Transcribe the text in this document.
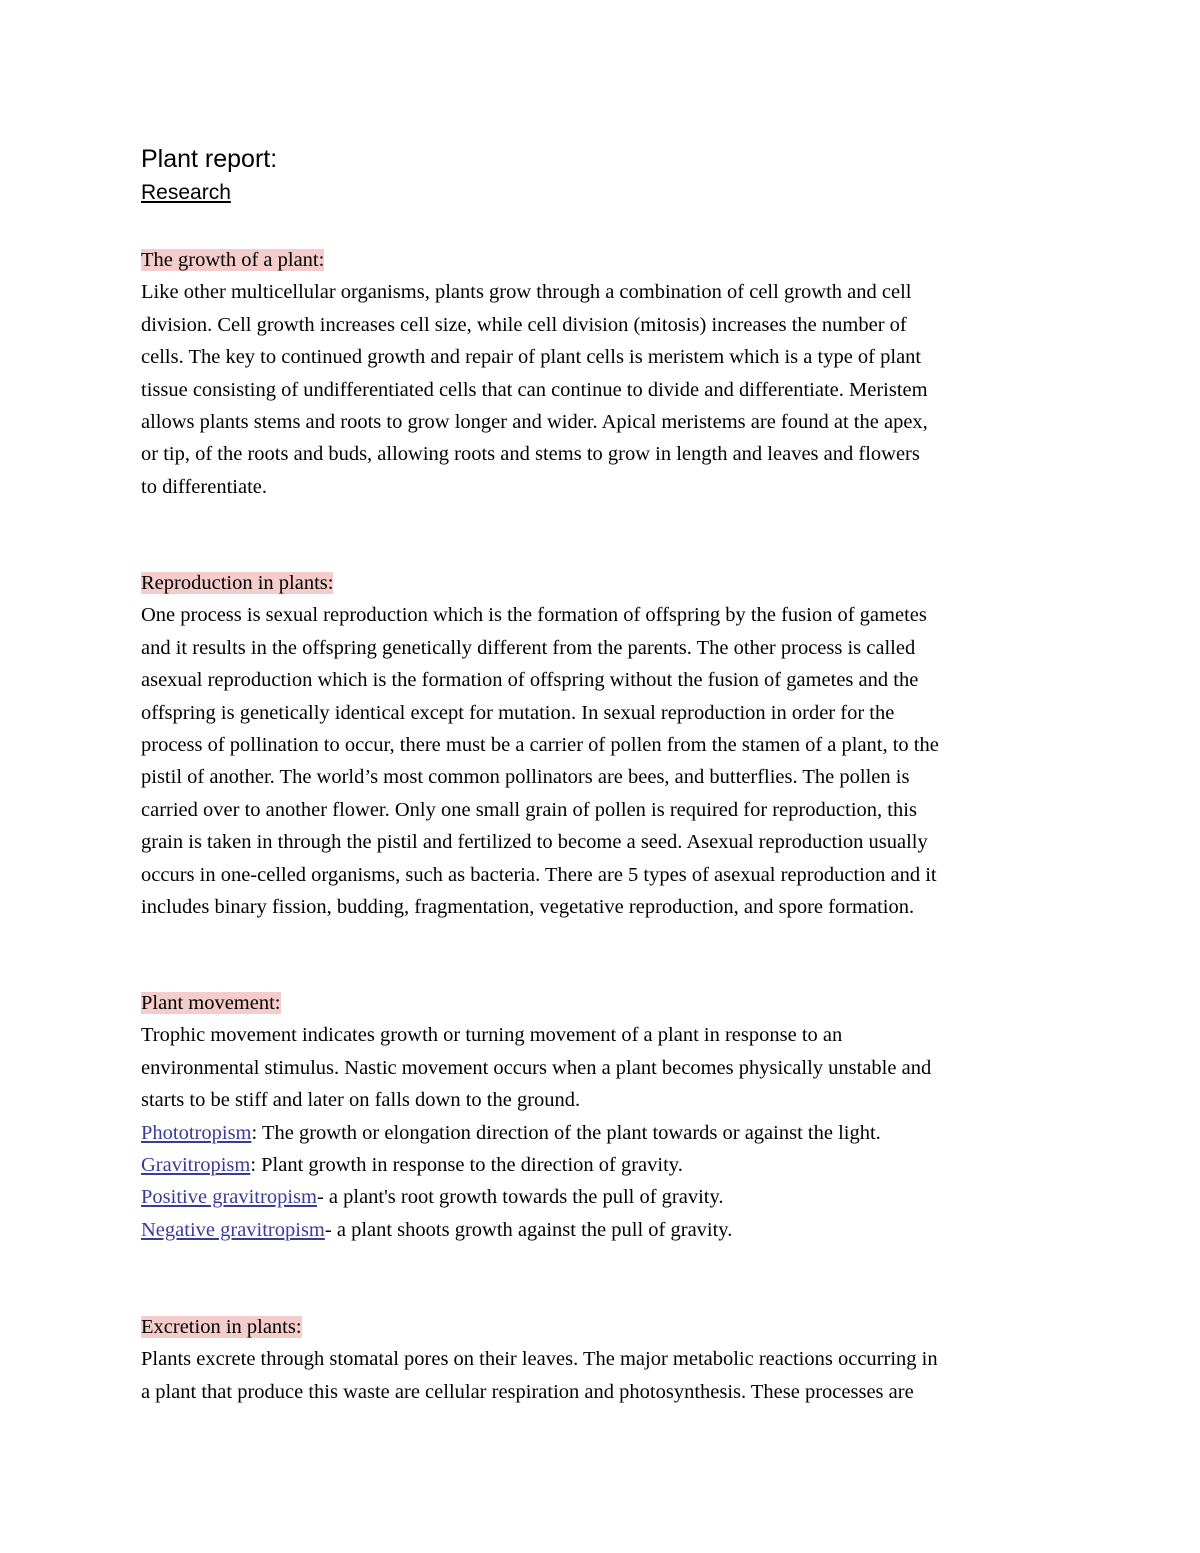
Plant report:
Research
The growth of a plant:
Like other multicellular organisms, plants grow through a combination of cell growth and cell
division. Cell growth increases cell size, while cell division (mitosis) increases the number of
cells. The key to continued growth and repair of plant cells is meristem which is a type of plant
tissue consisting of undifferentiated cells that can continue to divide and differentiate. Meristem
allows plants stems and roots to grow longer and wider. Apical meristems are found at the apex,
or tip, of the roots and buds, allowing roots and stems to grow in length and leaves and flowers
to differentiate.
Reproduction in plants:
One process is sexual reproduction which is the formation of offspring by the fusion of gametes
and it results in the offspring genetically different from the parents. The other process is called
asexual reproduction which is the formation of offspring without the fusion of gametes and the
offspring is genetically identical except for mutation. In sexual reproduction in order for the
process of pollination to occur, there must be a carrier of pollen from the stamen of a plant, to the
pistil of another. The world’s most common pollinators are bees, and butterflies. The pollen is
carried over to another flower. Only one small grain of pollen is required for reproduction, this
grain is taken in through the pistil and fertilized to become a seed. Asexual reproduction usually
occurs in one-celled organisms, such as bacteria. There are 5 types of asexual reproduction and it
includes binary fission, budding, fragmentation, vegetative reproduction, and spore formation.
Plant movement:
Trophic movement indicates growth or turning movement of a plant in response to an
environmental stimulus. Nastic movement occurs when a plant becomes physically unstable and
starts to be stiff and later on falls down to the ground.
Phototropism: The growth or elongation direction of the plant towards or against the light.
Gravitropism: Plant growth in response to the direction of gravity.
Positive gravitropism- a plant's root growth towards the pull of gravity.
Negative gravitropism- a plant shoots growth against the pull of gravity.
Excretion in plants:
Plants excrete through stomatal pores on their leaves. The major metabolic reactions occurring in
a plant that produce this waste are cellular respiration and photosynthesis. These processes are
